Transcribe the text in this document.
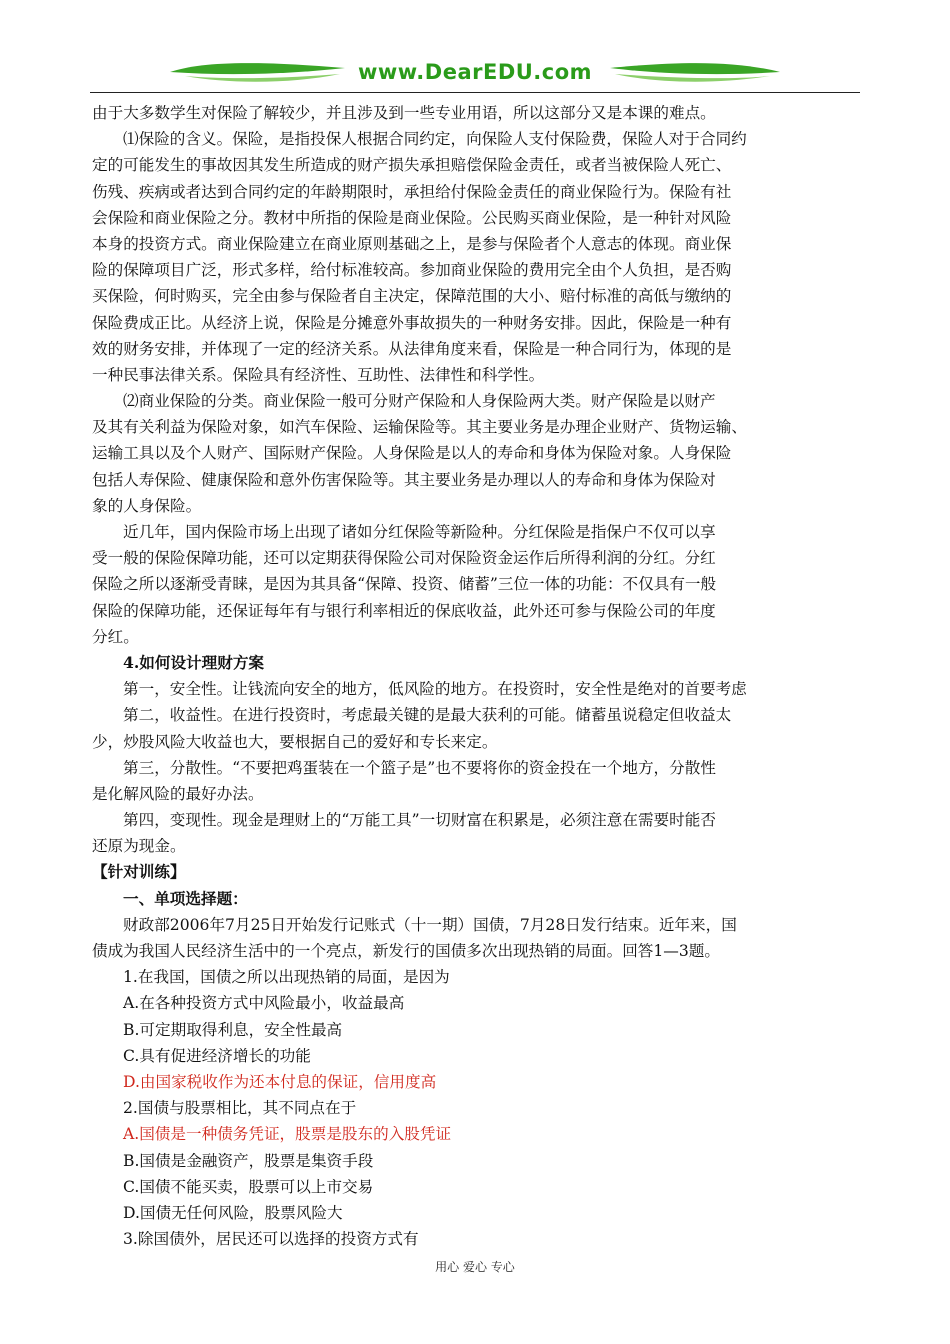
www.DearEDU.com
由于大多数学生对保险了解较少，并且涉及到一些专业用语，所以这部分又是本课的难点。
⑴保险的含义。保险，是指投保人根据合同约定，向保险人支付保险费，保险人对于合同约
定的可能发生的事故因其发生所造成的财产损失承担赔偿保险金责任，或者当被保险人死亡、
伤残、疾病或者达到合同约定的年龄期限时，承担给付保险金责任的商业保险行为。保险有社
会保险和商业保险之分。教材中所指的保险是商业保险。公民购买商业保险，是一种针对风险
本身的投资方式。商业保险建立在商业原则基础之上，是参与保险者个人意志的体现。商业保
险的保障项目广泛，形式多样，给付标准较高。参加商业保险的费用完全由个人负担，是否购
买保险，何时购买，完全由参与保险者自主决定，保障范围的大小、赔付标准的高低与缴纳的
保险费成正比。从经济上说，保险是分摊意外事故损失的一种财务安排。因此，保险是一种有
效的财务安排，并体现了一定的经济关系。从法律角度来看，保险是一种合同行为，体现的是
一种民事法律关系。保险具有经济性、互助性、法律性和科学性。
⑵商业保险的分类。商业保险一般可分财产保险和人身保险两大类。财产保险是以财产
及其有关利益为保险对象，如汽车保险、运输保险等。其主要业务是办理企业财产、货物运输、
运输工具以及个人财产、国际财产保险。人身保险是以人的寿命和身体为保险对象。人身保险
包括人寿保险、健康保险和意外伤害保险等。其主要业务是办理以人的寿命和身体为保险对
象的人身保险。
近几年，国内保险市场上出现了诸如分红保险等新险种。分红保险是指保户不仅可以享
受一般的保险保障功能，还可以定期获得保险公司对保险资金运作后所得利润的分红。分红
保险之所以逐渐受青睐，是因为其具备“保障、投资、储蓄”三位一体的功能：不仅具有一般
保险的保障功能，还保证每年有与银行利率相近的保底收益，此外还可参与保险公司的年度
分红。
4.如何设计理财方案
第一，安全性。让钱流向安全的地方，低风险的地方。在投资时，安全性是绝对的首要考虑
第二，收益性。在进行投资时，考虑最关键的是最大获利的可能。储蓄虽说稳定但收益太
少，炒股风险大收益也大，要根据自己的爱好和专长来定。
第三，分散性。“不要把鸡蛋装在一个篮子是”也不要将你的资金投在一个地方，分散性
是化解风险的最好办法。
第四，变现性。现金是理财上的“万能工具”一切财富在积累是，必须注意在需要时能否
还原为现金。
【针对训练】
一、单项选择题：
财政部2006年7月25日开始发行记账式（十一期）国债，7月28日发行结束。近年来，国
债成为我国人民经济生活中的一个亮点，新发行的国债多次出现热销的局面。回答1—3题。
1.在我国，国债之所以出现热销的局面，是因为
A.在各种投资方式中风险最小，收益最高
B.可定期取得利息，安全性最高
C.具有促进经济增长的功能
D.由国家税收作为还本付息的保证，信用度高
2.国债与股票相比，其不同点在于
A.国债是一种债务凭证，股票是股东的入股凭证
B.国债是金融资产，股票是集资手段
C.国债不能买卖，股票可以上市交易
D.国债无任何风险，股票风险大
3.除国债外，居民还可以选择的投资方式有
用心 爱心 专心
